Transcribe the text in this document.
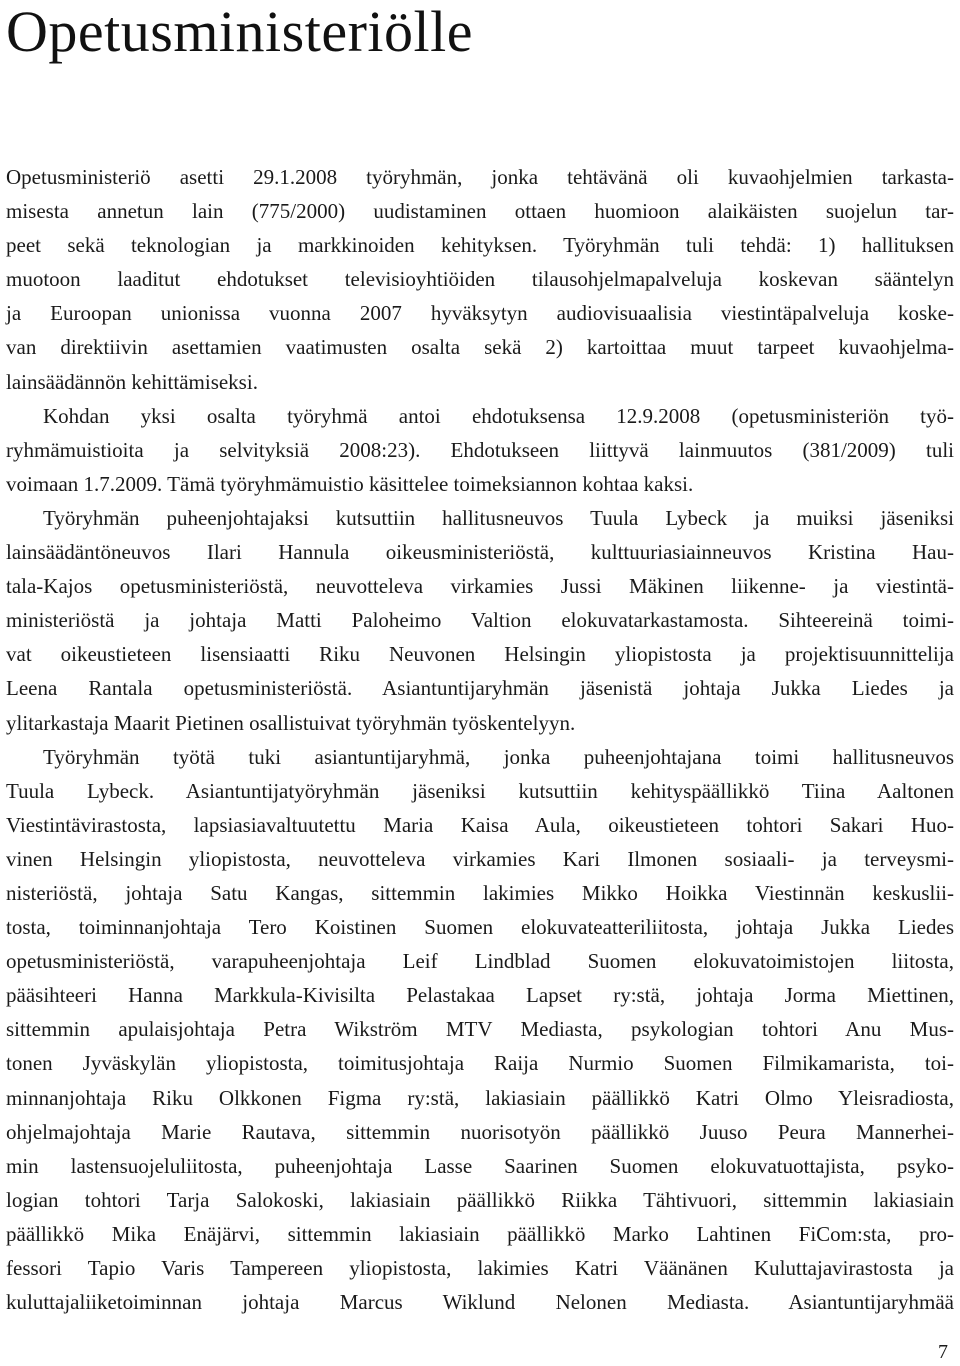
Opetusministeriölle
Opetusministeriö asetti 29.1.2008 työryhmän, jonka tehtävänä oli kuvaohjelmien tarkasta-
misesta annetun lain (775/2000) uudistaminen ottaen huomioon alaikäisten suojelun tar-
peet sekä teknologian ja markkinoiden kehityksen. Työryhmän tuli tehdä: 1) hallituksen
muotoon laaditut ehdotukset televisioyhtiöiden tilausohjelmapalveluja koskevan sääntelyn
ja Euroopan unionissa vuonna 2007 hyväksytyn audiovisuaalisia viestintäpalveluja koske-
van direktiivin asettamien vaatimusten osalta sekä 2) kartoittaa muut tarpeet kuvaohjelma-
lainsäädännön kehittämiseksi.
Kohdan yksi osalta työryhmä antoi ehdotuksensa 12.9.2008 (opetusministeriön työ-
ryhmämuistioita ja selvityksiä 2008:23). Ehdotukseen liittyvä lainmuutos (381/2009) tuli
voimaan 1.7.2009. Tämä työryhmämuistio käsittelee toimeksiannon kohtaa kaksi.
Työryhmän puheenjohtajaksi kutsuttiin hallitusneuvos Tuula Lybeck ja muiksi jäseniksi
lainsäädäntöneuvos Ilari Hannula oikeusministeriöstä, kulttuuriasiainneuvos Kristina Hau-
tala-Kajos opetusministeriöstä, neuvotteleva virkamies Jussi Mäkinen liikenne- ja viestintä-
ministeriöstä ja johtaja Matti Paloheimo Valtion elokuvatarkastamosta. Sihteereinä toimi-
vat oikeustieteen lisensiaatti Riku Neuvonen Helsingin yliopistosta ja projektisuunnittelija
Leena Rantala opetusministeriöstä. Asiantuntijaryhmän jäsenistä johtaja Jukka Liedes ja
ylitarkastaja Maarit Pietinen osallistuivat työryhmän työskentelyyn.
Työryhmän työtä tuki asiantuntijaryhmä, jonka puheenjohtajana toimi hallitusneuvos
Tuula Lybeck. Asiantuntijatyöryhmän jäseniksi kutsuttiin kehityspäällikkö Tiina Aaltonen
Viestintävirastosta, lapsiasiavaltuutettu Maria Kaisa Aula, oikeustieteen tohtori Sakari Huo-
vinen Helsingin yliopistosta, neuvotteleva virkamies Kari Ilmonen sosiaali- ja terveysmi-
nisteriöstä, johtaja Satu Kangas, sittemmin lakimies Mikko Hoikka Viestinnän keskuslii-
tosta, toiminnanjohtaja Tero Koistinen Suomen elokuvateatteriliitosta, johtaja Jukka Liedes
opetusministeriöstä, varapuheenjohtaja Leif Lindblad Suomen elokuvatoimistojen liitosta,
pääsihteeri Hanna Markkula-Kivisilta Pelastakaa Lapset ry:stä, johtaja Jorma Miettinen,
sittemmin apulaisjohtaja Petra Wikström MTV Mediasta, psykologian tohtori Anu Mus-
tonen Jyväskylän yliopistosta, toimitusjohtaja Raija Nurmio Suomen Filmikamarista, toi-
minnanjohtaja Riku Olkkonen Figma ry:stä, lakiasiain päällikkö Katri Olmo Yleisradiosta,
ohjelmajohtaja Marie Rautava, sittemmin nuorisotyön päällikkö Juuso Peura Mannerhei-
min lastensuojeluliitosta, puheenjohtaja Lasse Saarinen Suomen elokuvatuottajista, psyko-
logian tohtori Tarja Salokoski, lakiasiain päällikkö Riikka Tähtivuori, sittemmin lakiasiain
päällikkö Mika Enäjärvi, sittemmin lakiasiain päällikkö Marko Lahtinen FiCom:sta, pro-
fessori Tapio Varis Tampereen yliopistosta, lakimies Katri Väänänen Kuluttajavirastosta ja
kuluttajaliiketoiminnan johtaja Marcus Wiklund Nelonen Mediasta. Asiantuntijaryhmää
7
